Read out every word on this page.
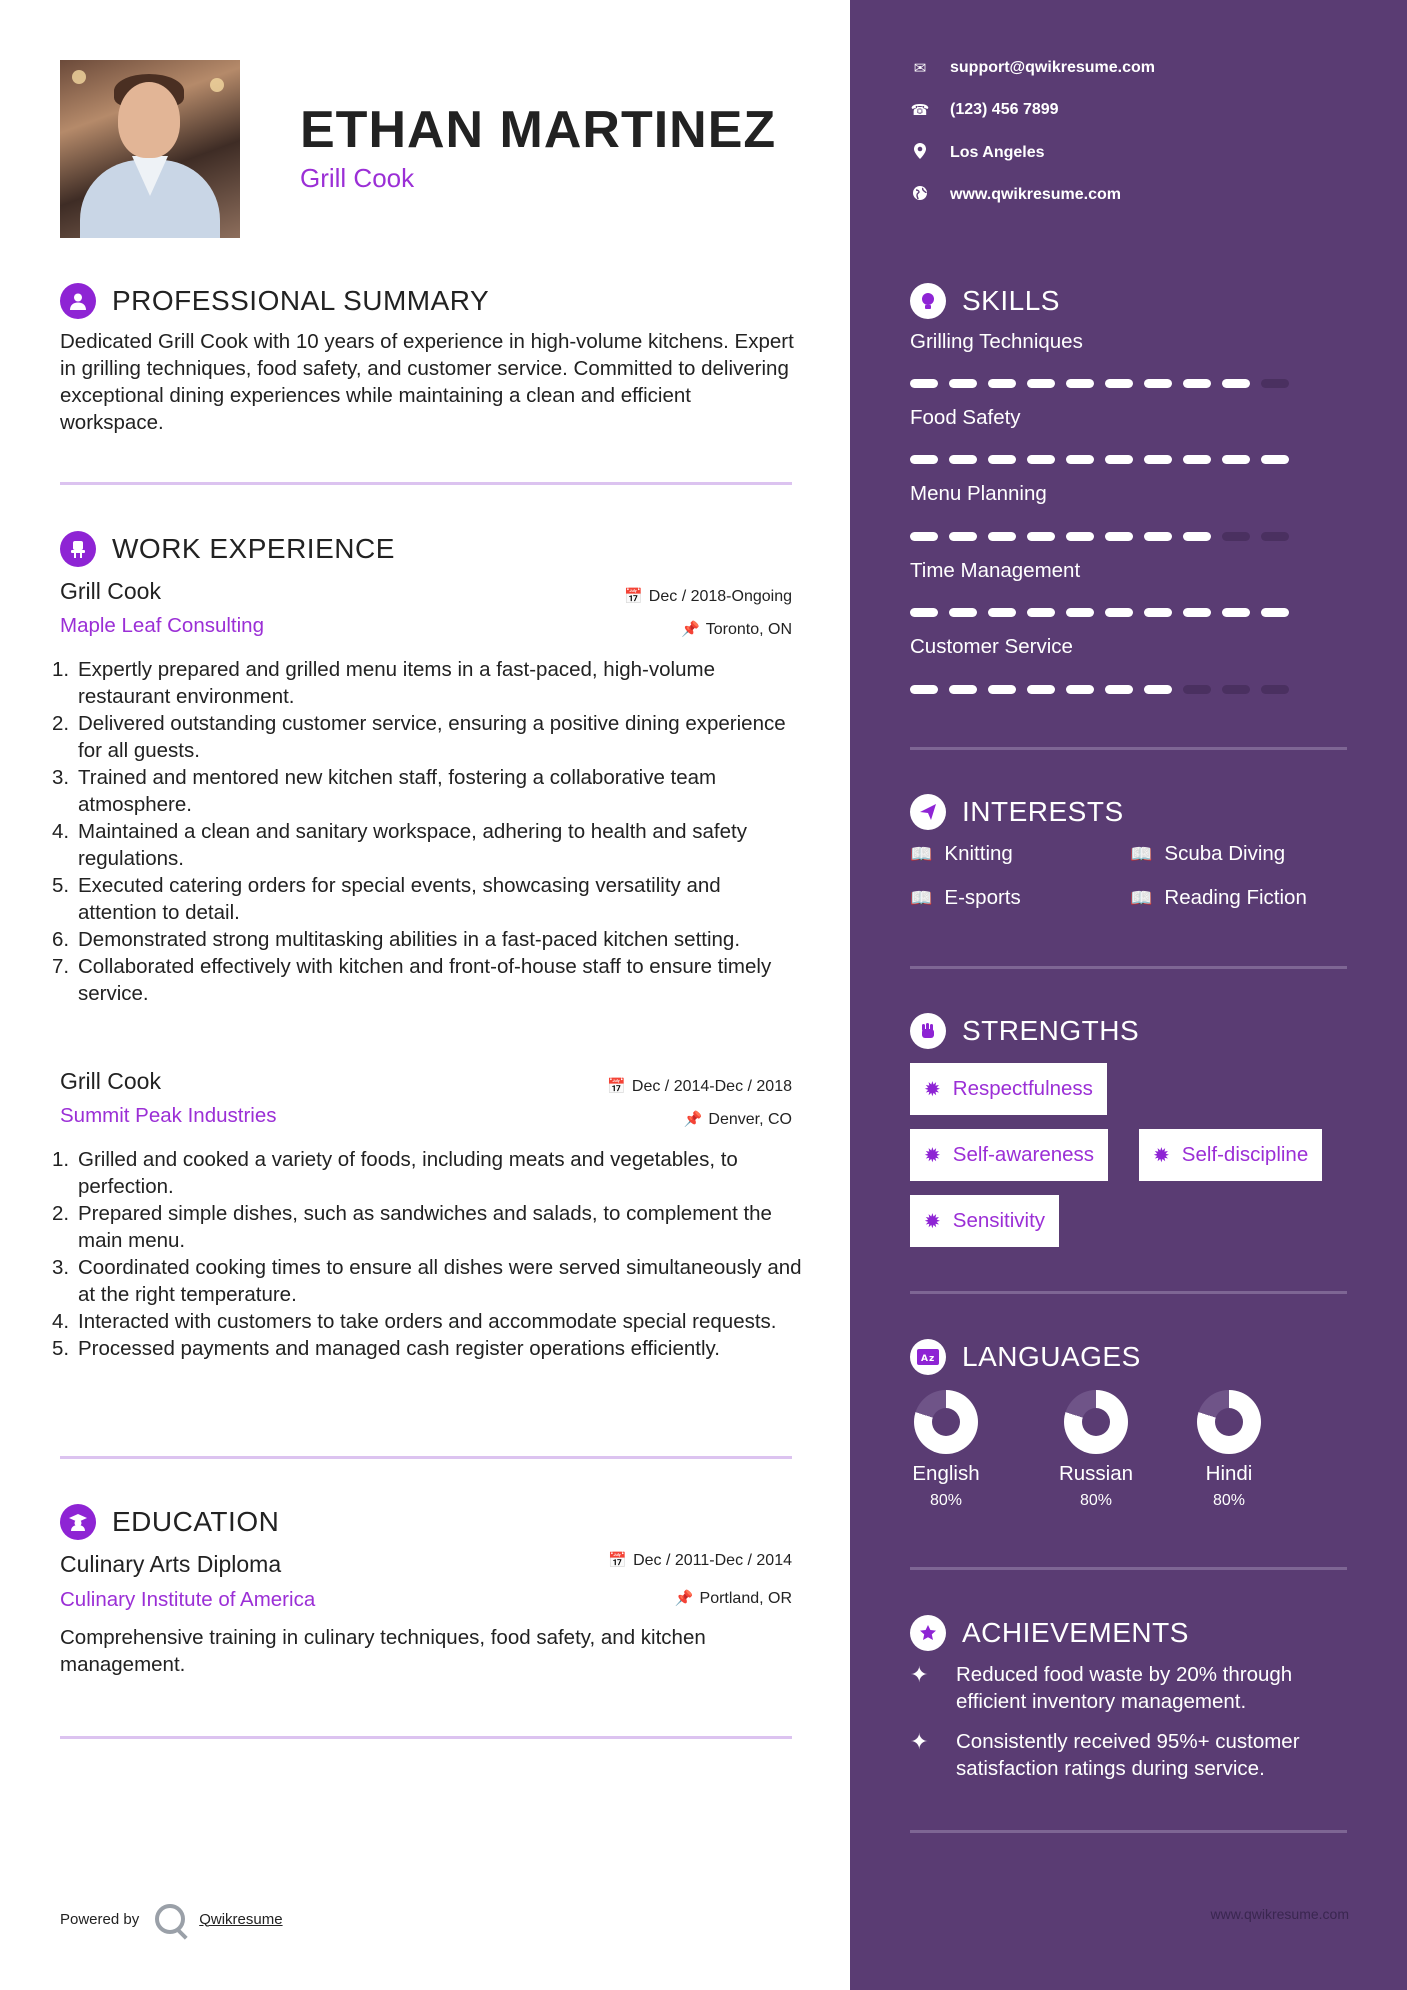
ETHAN MARTINEZ
Grill Cook
PROFESSIONAL SUMMARY
Dedicated Grill Cook with 10 years of experience in high-volume kitchens. Expert in grilling techniques, food safety, and customer service. Committed to delivering exceptional dining experiences while maintaining a clean and efficient workspace.
WORK EXPERIENCE
Grill Cook	📅 Dec / 2018-Ongoing
Maple Leaf Consulting	📌 Toronto, ON
1. Expertly prepared and grilled menu items in a fast-paced, high-volume restaurant environment.
2. Delivered outstanding customer service, ensuring a positive dining experience for all guests.
3. Trained and mentored new kitchen staff, fostering a collaborative team atmosphere.
4. Maintained a clean and sanitary workspace, adhering to health and safety regulations.
5. Executed catering orders for special events, showcasing versatility and attention to detail.
6. Demonstrated strong multitasking abilities in a fast-paced kitchen setting.
7. Collaborated effectively with kitchen and front-of-house staff to ensure timely service.
Grill Cook	📅 Dec / 2014-Dec / 2018
Summit Peak Industries	📌 Denver, CO
1. Grilled and cooked a variety of foods, including meats and vegetables, to perfection.
2. Prepared simple dishes, such as sandwiches and salads, to complement the main menu.
3. Coordinated cooking times to ensure all dishes were served simultaneously and at the right temperature.
4. Interacted with customers to take orders and accommodate special requests.
5. Processed payments and managed cash register operations efficiently.
EDUCATION
Culinary Arts Diploma	📅 Dec / 2011-Dec / 2014
Culinary Institute of America	📌 Portland, OR
Comprehensive training in culinary techniques, food safety, and kitchen management.
Powered by	Qwikresume
✉ support@qwikresume.com
☎ (123) 456 7899
Los Angeles
www.qwikresume.com
SKILLS
Grilling Techniques
Food Safety
Menu Planning
Time Management
Customer Service
INTERESTS
📖 Knitting	📖 Scuba Diving
📖 E-sports	📖 Reading Fiction
STRENGTHS
✹ Respectfulness
✹ Self-awareness	✹ Self-discipline
✹ Sensitivity
A z LANGUAGES
English
80%
Russian
80%
Hindi
80%
ACHIEVEMENTS
✦	Reduced food waste by 20% through efficient inventory management.
✦	Consistently received 95%+ customer satisfaction ratings during service.
www.qwikresume.com
